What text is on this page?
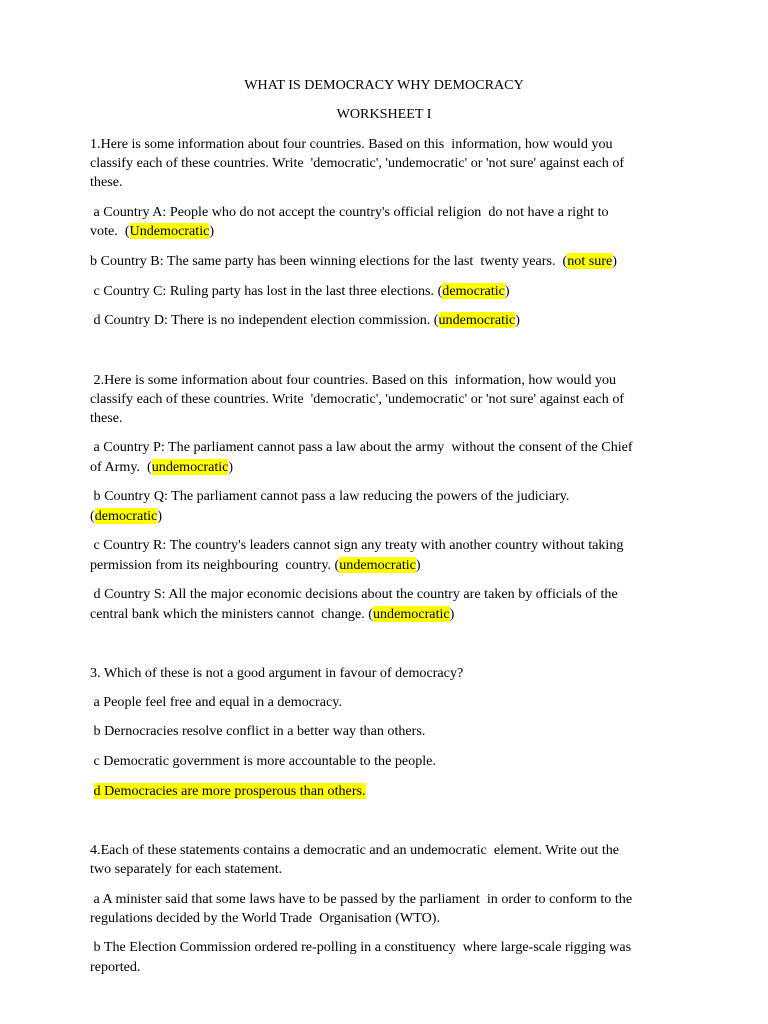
WHAT IS DEMOCRACY WHY DEMOCRACY
WORKSHEET I
1.Here is some information about four countries. Based on this  information, how would you
classify each of these countries. Write  'democratic', 'undemocratic' or 'not sure' against each of
these.
a Country A: People who do not accept the country's official religion  do not have a right to
vote.  (Undemocratic)
b Country B: The same party has been winning elections for the last  twenty years.  (not sure)
c Country C: Ruling party has lost in the last three elections. (democratic)
d Country D: There is no independent election commission. (undemocratic)
2.Here is some information about four countries. Based on this  information, how would you
classify each of these countries. Write  'democratic', 'undemocratic' or 'not sure' against each of
these.
a Country P: The parliament cannot pass a law about the army  without the consent of the Chief
of Army.  (undemocratic)
b Country Q: The parliament cannot pass a law reducing the powers of the judiciary.
(democratic)
c Country R: The country's leaders cannot sign any treaty with another country without taking
permission from its neighbouring  country. (undemocratic)
d Country S: All the major economic decisions about the country are taken by officials of the
central bank which the ministers cannot  change. (undemocratic)
3. Which of these is not a good argument in favour of democracy?
a People feel free and equal in a democracy.
b Dernocracies resolve conflict in a better way than others.
c Democratic government is more accountable to the people.
d Democracies are more prosperous than others.
4.Each of these statements contains a democratic and an undemocratic  element. Write out the
two separately for each statement.
a A minister said that some laws have to be passed by the parliament  in order to conform to the
regulations decided by the World Trade  Organisation (WTO).
b The Election Commission ordered re-polling in a constituency  where large-scale rigging was
reported.
